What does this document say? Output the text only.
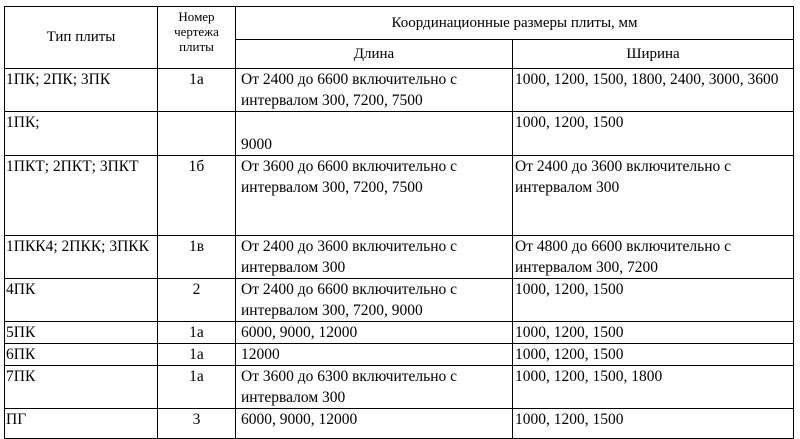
Тип плиты	Номер чертежа плиты	Координационные размеры плиты, мм	
		Длина	Ширина
1ПК; 2ПК; 3ПК	1а	От 2400 до 6600 включительно с интервалом 300, 7200, 7500	1000, 1200, 1500, 1800, 2400, 3000, 3600
1ПК;		9000	1000, 1200, 1500
1ПКТ; 2ПКТ; 3ПКТ	1б	От 3600 до 6600 включительно с интервалом 300, 7200, 7500	От 2400 до 3600 включительно с интервалом 300
1ПКК4; 2ПКК; 3ПКК	1в	От 2400 до 3600 включительно с интервалом 300	От 4800 до 6600 включительно с интервалом 300, 7200
4ПК	2	От 2400 до 6600 включительно с интервалом 300, 7200, 9000	1000, 1200, 1500
5ПК	1а	6000, 9000, 12000	1000, 1200, 1500
6ПК	1а	12000	1000, 1200, 1500
7ПК	1а	От 3600 до 6300 включительно с интервалом 300	1000, 1200, 1500, 1800
ПГ	3	6000, 9000, 12000	1000, 1200, 1500
